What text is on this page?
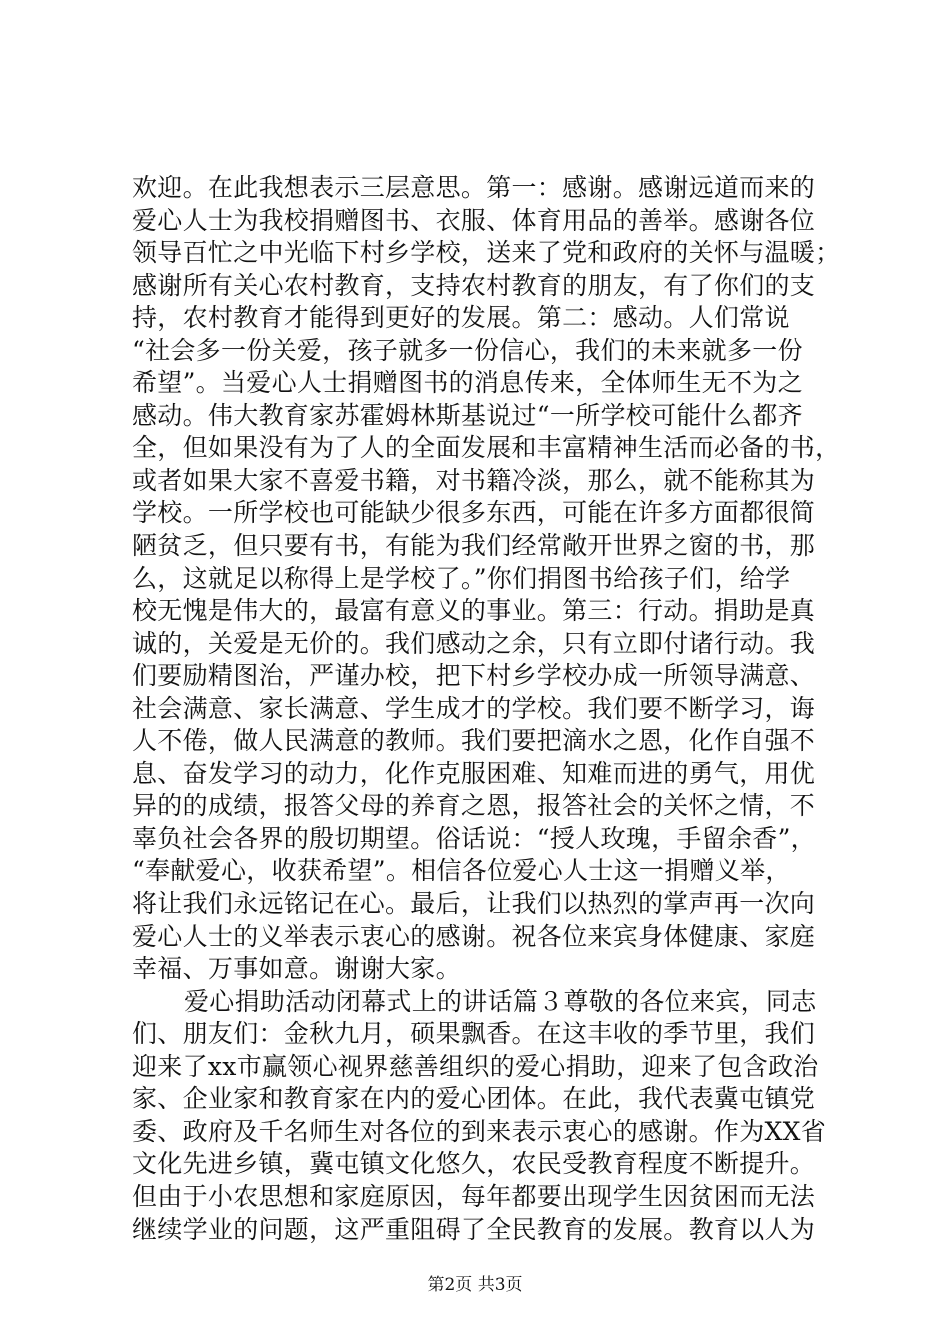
欢迎。在此我想表示三层意思。第一：感谢。感谢远道而来的
爱心人士为我校捐赠图书、衣服、体育用品的善举。感谢各位
领导百忙之中光临下村乡学校，送来了党和政府的关怀与温暖；
感谢所有关心农村教育，支持农村教育的朋友，有了你们的支
持，农村教育才能得到更好的发展。第二：感动。人们常说
“社会多一份关爱，孩子就多一份信心，我们的未来就多一份
希望”。当爱心人士捐赠图书的消息传来，全体师生无不为之
感动。伟大教育家苏霍姆林斯基说过“一所学校可能什么都齐
全，但如果没有为了人的全面发展和丰富精神生活而必备的书，
或者如果大家不喜爱书籍，对书籍冷淡，那么，就不能称其为
学校。一所学校也可能缺少很多东西，可能在许多方面都很简
陋贫乏，但只要有书，有能为我们经常敞开世界之窗的书，那
么，这就足以称得上是学校了。”你们捐图书给孩子们，给学
校无愧是伟大的，最富有意义的事业。第三：行动。捐助是真
诚的，关爱是无价的。我们感动之余，只有立即付诸行动。我
们要励精图治，严谨办校，把下村乡学校办成一所领导满意、
社会满意、家长满意、学生成才的学校。我们要不断学习，诲
人不倦，做人民满意的教师。我们要把滴水之恩，化作自强不
息、奋发学习的动力，化作克服困难、知难而进的勇气，用优
异的的成绩，报答父母的养育之恩，报答社会的关怀之情，不
辜负社会各界的殷切期望。俗话说：“授人玫瑰，手留余香”，
“奉献爱心，收获希望”。相信各位爱心人士这一捐赠义举，
将让我们永远铭记在心。最后，让我们以热烈的掌声再一次向
爱心人士的义举表示衷心的感谢。祝各位来宾身体健康、家庭
幸福、万事如意。谢谢大家。
爱心捐助活动闭幕式上的讲话篇３尊敬的各位来宾，同志
们、朋友们：金秋九月，硕果飘香。在这丰收的季节里，我们
迎来了xx市赢领心视界慈善组织的爱心捐助，迎来了包含政治
家、企业家和教育家在内的爱心团体。在此，我代表冀屯镇党
委、政府及千名师生对各位的到来表示衷心的感谢。作为XX省
文化先进乡镇，冀屯镇文化悠久，农民受教育程度不断提升。
但由于小农思想和家庭原因，每年都要出现学生因贫困而无法
继续学业的问题，这严重阻碍了全民教育的发展。教育以人为
第2页 共3页
